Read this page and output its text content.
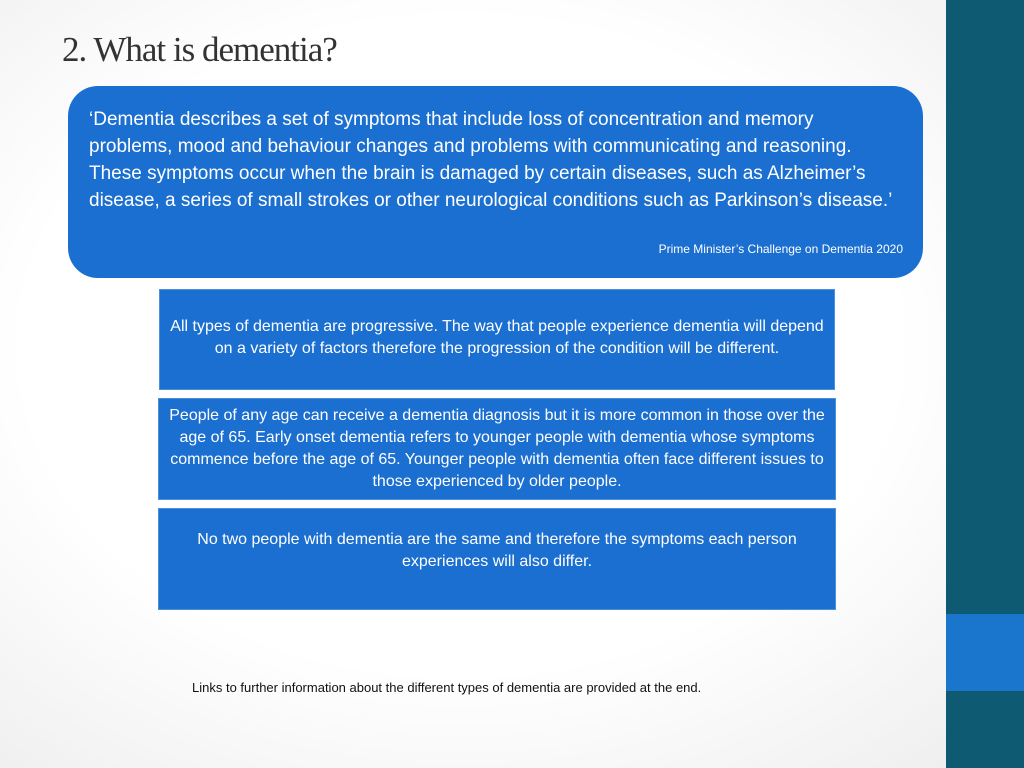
2. What is dementia?

‘Dementia describes a set of symptoms that include loss of concentration and memory problems, mood and behaviour changes and problems with communicating and reasoning. These symptoms occur when the brain is damaged by certain diseases, such as Alzheimer’s disease, a series of small strokes or other neurological conditions such as Parkinson’s disease.’

Prime Minister’s Challenge on Dementia 2020

All types of dementia are progressive. The way that people experience dementia will depend on a variety of factors therefore the progression of the condition will be different.

People of any age can receive a dementia diagnosis but it is more common in those over the age of 65. Early onset dementia refers to younger people with dementia whose symptoms commence before the age of 65. Younger people with dementia often face different issues to those experienced by older people.

No two people with dementia are the same and therefore the symptoms each person experiences will also differ.

Links to further information about the different types of dementia are provided at the end.
